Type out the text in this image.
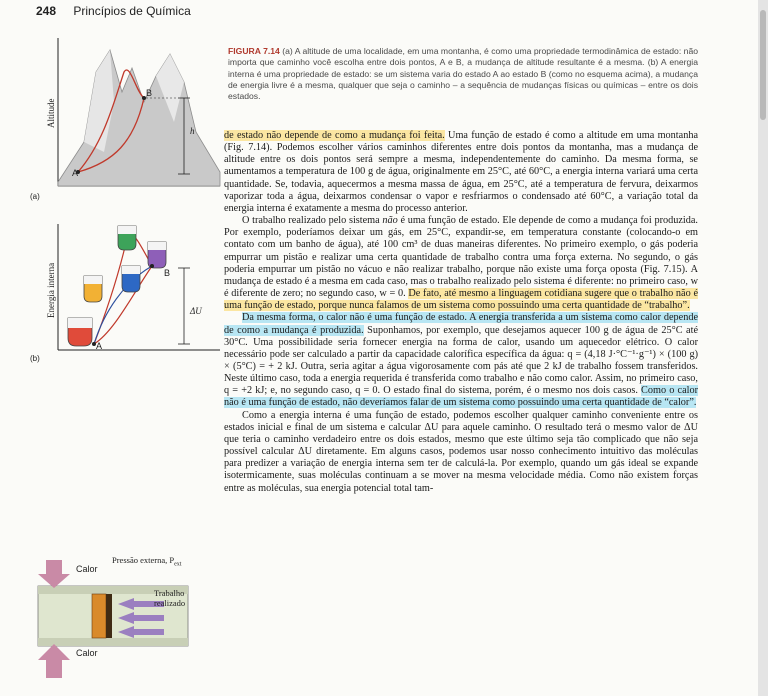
248 Princípios de Química
Altitude
A
B
h
(a)
Energia interna
A
B
ΔU
(b)
Calor
Pressão externa, $P_{ext}$
Trabalho realizado
Calor
FIGURA 7.14 (a) A altitude de uma localidade, em uma montanha, é como uma propriedade termodinâmica de estado: não importa que caminho você escolha entre dois pontos, A e B, a mudança de altitude resultante é a mesma. (b) A energia interna é uma propriedade de estado: se um sistema varia do estado A ao estado B (como no esquema acima), a mudança de energia livre é a mesma, qualquer que seja o caminho – a sequência de mudanças físicas ou químicas – entre os dois estados.

de estado não depende de como a mudança foi feita. Uma função de estado é como a altitude em uma montanha (Fig. 7.14). Podemos escolher vários caminhos diferentes entre dois pontos da montanha, mas a mudança de altitude entre os dois pontos será sempre a mesma, independentemente do caminho. Da mesma forma, se aumentamos a temperatura de 100 g de água, originalmente em 25°C, até 60°C, a energia interna variará uma certa quantidade. Se, todavia, aquecermos a mesma massa de água, em 25°C, até a temperatura de fervura, deixarmos vaporizar toda a água, deixarmos condensar o vapor e resfriarmos o condensado até 60°C, a variação total da energia interna é exatamente a mesma do processo anterior.

O trabalho realizado pelo sistema não é uma função de estado. Ele depende de como a mudança foi produzida. Por exemplo, poderíamos deixar um gás, em 25°C, expandir-se, em temperatura constante (colocando-o em contato com um banho de água), até 100 cm³ de duas maneiras diferentes. No primeiro exemplo, o gás poderia empurrar um pistão e realizar uma certa quantidade de trabalho contra uma força externa. No segundo, o gás poderia empurrar um pistão no vácuo e não realizar trabalho, porque não existe uma força oposta (Fig. 7.15). A mudança de estado é a mesma em cada caso, mas o trabalho realizado pelo sistema é diferente: no primeiro caso, w é diferente de zero; no segundo caso, w = 0. De fato, até mesmo a linguagem cotidiana sugere que o trabalho não é uma função de estado, porque nunca falamos de um sistema como possuindo uma certa quantidade de “trabalho”.

Da mesma forma, o calor não é uma função de estado. A energia transferida a um sistema como calor depende de como a mudança é produzida. Suponhamos, por exemplo, que desejamos aquecer 100 g de água de 25°C até 30°C. Uma possibilidade seria fornecer energia na forma de calor, usando um aquecedor elétrico. O calor necessário pode ser calculado a partir da capacidade calorífica específica da água: q = (4,18 J·°C⁻¹·g⁻¹) × (100 g) × (5°C) = + 2 kJ. Outra, seria agitar a água vigorosamente com pás até que 2 kJ de trabalho fossem transferidos. Neste último caso, toda a energia requerida é transferida como trabalho e não como calor. Assim, no primeiro caso, q = +2 kJ; e, no segundo caso, q = 0. O estado final do sistema, porém, é o mesmo nos dois casos. Como o calor não é uma função de estado, não deveríamos falar de um sistema como possuindo uma certa quantidade de “calor”.

Como a energia interna é uma função de estado, podemos escolher qualquer caminho conveniente entre os estados inicial e final de um sistema e calcular ΔU para aquele caminho. O resultado terá o mesmo valor de ΔU que teria o caminho verdadeiro entre os dois estados, mesmo que este último seja tão complicado que não seja possível calcular ΔU diretamente. Em alguns casos, podemos usar nosso conhecimento intuitivo das moléculas para predizer a variação de energia interna sem ter de calculá-la. Por exemplo, quando um gás ideal se expande isotermicamente, suas moléculas continuam a se mover na mesma velocidade média. Como não existem forças entre as moléculas, sua energia potencial total tam-
